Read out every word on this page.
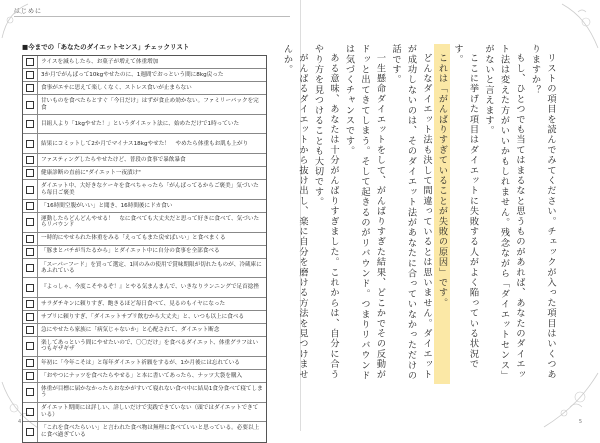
はじめに
■今までの「あなたのダイエットセンス」チェックリスト
ライスを減らしたら、お菓子が増えて体重増加
3か月でがんばって10kgやせたのに、1週間でおっという間に8kg戻った
食事がエサに思えて楽しくなく、ストレス食いが止まらない
甘いものを食べたらとすぐ「今日だけ」はずが食止め効かない。ファミリーパックを完食
目組人より「1kgやせた！」というダイエット法に、始めただけで1時っていた
結果にコミットして2か月でマイナス18kgやせた！　やめたら体重もお肌も上がり
ファスティングしたらやせたけど、普段の食事で暴飲暴食
健康診断の直前に"ダイエット一夜漬け"
ダイエット中、大好きなケーキを食べちゃったら「がんばってるからご褒美」気づいたら毎日ご褒美
「16時間空腹がいい」と聞き、16時間後にドカ食い
運動したらどんどんやせる！　なに食べても大丈夫だと思って好きに食べて、気づいたらリバウンド
一時的にやせられた体重をみる「えってもまた戻せばいい」と食べまくる
「豚まとバチが当たるから」とダイエット中に自分の食事を全部食べる
「スーパーフード」を買って選定、1回のみの使用で賞味期限が切れたものが、冷蔵庫にあふれている
『よっしゃ、今度こそやるぞ！』とやる気まんまんで、いきなりランニングで足首捻挫
サラダチキンに頼りすぎ、飽きるほど毎日食べて、見るのもイヤになった
サプリに頼りすぎ、「ダイエットサプリ飲むから大丈夫」と、いつも以上に食べる
急にやせたら家族に「病気じゃないか」と心配されて、ダイエット断念
楽してあっという間にやせたいので、〇〇だけ」を食べるダイエット、体重グラフはいつもギザギザ
年初に「今年こそは」と毎年ダイエット祈願をするが、1か月後には忘れている
「おやつにナッツを食べたらやせる」と本に書いてあったら、ナッツ大袋を購入
体重が目標に届かなかったらおなかがすいて寝れない食べ中に結局1食分食べて寝てしまう
ダイエット期間には詳しい、詳しいだけで実践できていない（頭ではダイエットできている）
「これを食べたらいい」と言われた食べ物は無理に食べていいと思っている。必要以上に食べ過ぎている
4

リストの項目を読んでみてください。チェックが入った項目はいくつありますか？

もし、ひとつでも当てはまるなと思うものがあれば、あなたのダイエット法は変えた方がいいかもしれません。残念ながら「ダイエットセンス」がないと言えます。

ここに挙げた項目はダイエットに失敗する人がよく陥っている状況です。

これは「がんばりすぎていることが失敗の原因」です。

どんなダイエット法も決して間違っているとは思いません。ダイエットが成功しないのは、そのダイエット法があなたに合っていなかっただけの話です。

一生懸命ダイエットをして、がんばりすぎた結果、どこかでその反動がドッと出てきてしまう。そして起きるのがリバウンド。つまりリバウンドは気づくチャンスです。

ある意味、あなたは十分がんばりすぎました。これからは、自分に合うやり方を見つけることも大切です。

がんばるダイエットから抜け出し、楽に自分を磨ける方法を見つけませんか。

5
